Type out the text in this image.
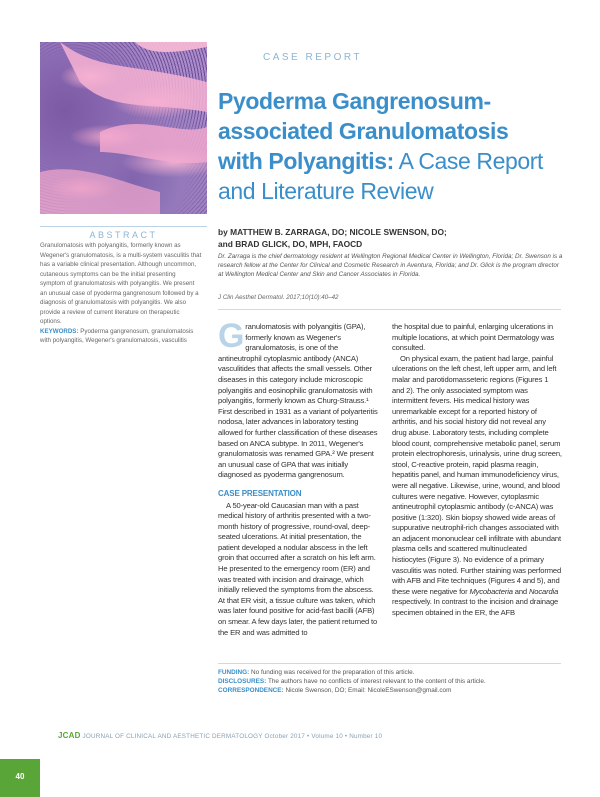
CASE REPORT
Pyoderma Gangrenosum-
associated Granulomatosis
with Polyangitis: A Case Report
and Literature Review
ABSTRACT
Granulomatosis with polyangitis, formerly known as Wegener's granulomatosis, is a multi-system vasculitis that has a variable clinical presentation. Although uncommon, cutaneous symptoms can be the initial presenting symptom of granulomatosis with polyangitis. We present an unusual case of pyoderma gangrenosum followed by a diagnosis of granulomatosis with polyangitis. We also provide a review of current literature on therapeutic options.
KEYWORDS: Pyoderma gangrenosum, granulomatosis with polyangitis, Wegener's granulomatosis, vasculitis
by MATTHEW B. ZARRAGA, DO; NICOLE SWENSON, DO;
and BRAD GLICK, DO, MPH, FAOCD
Dr. Zarraga is the chief dermatology resident at Wellington Regional Medical Center in Wellington, Florida; Dr. Swenson is a research fellow at the Center for Clinical and Cosmetic Research in Aventura, Florida; and Dr. Glick is the program director at Wellington Medical Center and Skin and Cancer Associates in Florida.
J Clin Aesthet Dermatol. 2017;10(10):40–42

Granulomatosis with polyangitis (GPA), formerly known as Wegener's granulomatosis, is one of the antineutrophil cytoplasmic antibody (ANCA) vasculitides that affects the small vessels. Other diseases in this category include microscopic polyangitis and eosinophilic granulomatosis with polyangitis, formerly known as Churg-Strauss.¹ First described in 1931 as a variant of polyarteritis nodosa, later advances in laboratory testing allowed for further classification of these diseases based on ANCA subtype. In 2011, Wegener's granulomatosis was renamed GPA.² We present an unusual case of GPA that was initially diagnosed as pyoderma gangrenosum.

CASE PRESENTATION

A 50-year-old Caucasian man with a past medical history of arthritis presented with a two-month history of progressive, round-oval, deep-seated ulcerations. At initial presentation, the patient developed a nodular abscess in the left groin that occurred after a scratch on his left arm. He presented to the emergency room (ER) and was treated with incision and drainage, which initially relieved the symptoms from the abscess. At that ER visit, a tissue culture was taken, which was later found positive for acid-fast bacilli (AFB) on smear. A few days later, the patient returned to the ER and was admitted to

the hospital due to painful, enlarging ulcerations in multiple locations, at which point Dermatology was consulted.

On physical exam, the patient had large, painful ulcerations on the left chest, left upper arm, and left malar and parotidomasseteric regions (Figures 1 and 2). The only associated symptom was intermittent fevers. His medical history was unremarkable except for a reported history of arthritis, and his social history did not reveal any drug abuse. Laboratory tests, including complete blood count, comprehensive metabolic panel, serum protein electrophoresis, urinalysis, urine drug screen, stool, C-reactive protein, rapid plasma reagin, hepatitis panel, and human immunodeficiency virus, were all negative. Likewise, urine, wound, and blood cultures were negative. However, cytoplasmic antineutrophil cytoplasmic antibody (c-ANCA) was positive (1:320). Skin biopsy showed wide areas of suppurative neutrophil-rich changes associated with an adjacent mononuclear cell infiltrate with abundant plasma cells and scattered multinucleated histiocytes (Figure 3). No evidence of a primary vasculitis was noted. Further staining was performed with AFB and Fite techniques (Figures 4 and 5), and these were negative for Mycobacteria and Nocardia respectively. In contrast to the incision and drainage specimen obtained in the ER, the AFB

FUNDING: No funding was received for the preparation of this article.
DISCLOSURES: The authors have no conflicts of interest relevant to the content of this article.
CORRESPONDENCE: Nicole Swenson, DO; Email: NicoleESwenson@gmail.com
JCAD JOURNAL OF CLINICAL AND AESTHETIC DERMATOLOGY October 2017 • Volume 10 • Number 10
40
